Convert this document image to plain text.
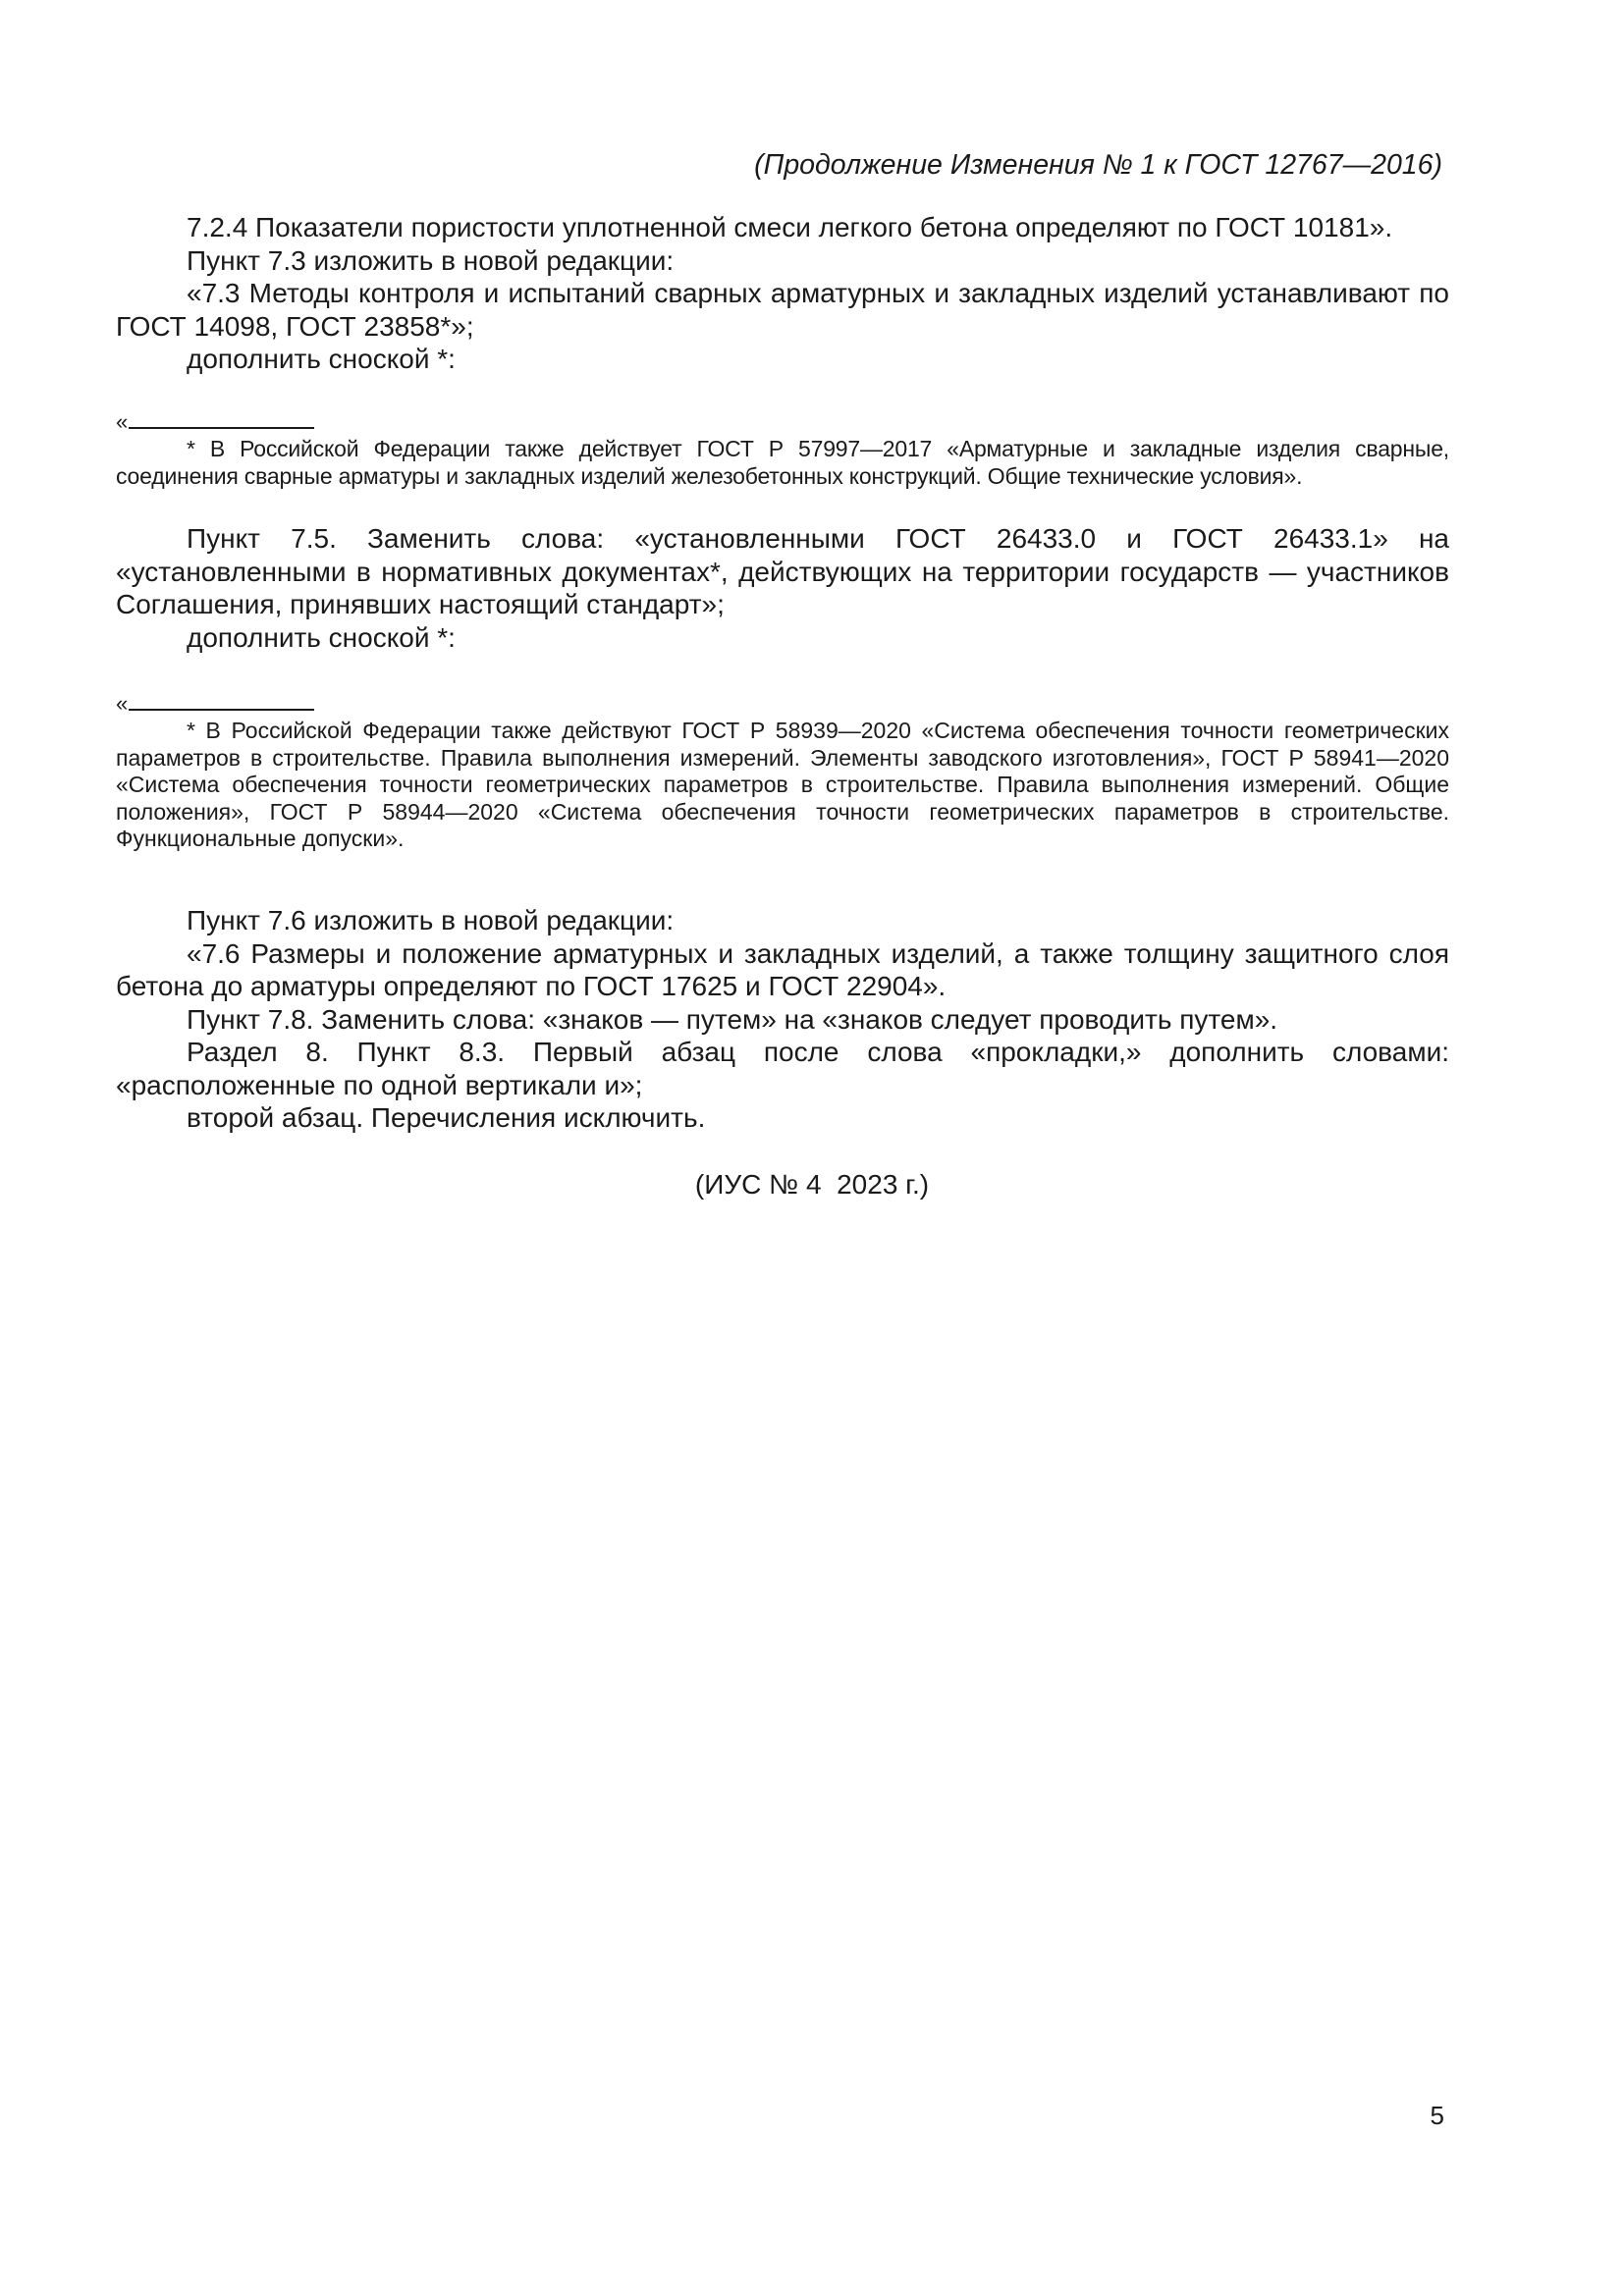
(Продолжение Изменения № 1 к ГОСТ 12767—2016)

7.2.4 Показатели пористости уплотненной смеси легкого бетона определяют по ГОСТ 10181».

Пункт 7.3 изложить в новой редакции:

«7.3 Методы контроля и испытаний сварных арматурных и закладных изделий устанавливают по ГОСТ 14098, ГОСТ 23858*»;

дополнить сноской *:

«

* В Российской Федерации также действует ГОСТ Р 57997—2017 «Арматурные и закладные изделия сварные, соединения сварные арматуры и закладных изделий железобетонных конструкций. Общие технические условия».

Пункт 7.5. Заменить слова: «установленными ГОСТ 26433.0 и ГОСТ 26433.1» на «установленными в нормативных документах*, действующих на территории государств — участников Соглашения, принявших настоящий стандарт»;

дополнить сноской *:

«

* В Российской Федерации также действуют ГОСТ Р 58939—2020 «Система обеспечения точности геометрических параметров в строительстве. Правила выполнения измерений. Элементы заводского изготовления», ГОСТ Р 58941—2020 «Система обеспечения точности геометрических параметров в строительстве. Правила выполнения измерений. Общие положения», ГОСТ Р 58944—2020 «Система обеспечения точности геометрических параметров в строительстве. Функциональные допуски».

Пункт 7.6 изложить в новой редакции:

«7.6 Размеры и положение арматурных и закладных изделий, а также толщину защитного слоя бетона до арматуры определяют по ГОСТ 17625 и ГОСТ 22904».

Пункт 7.8. Заменить слова: «знаков — путем» на «знаков следует проводить путем».

Раздел 8. Пункт 8.3. Первый абзац после слова «прокладки,» дополнить словами: «расположенные по одной вертикали и»;

второй абзац. Перечисления исключить.

(ИУС № 4  2023 г.)
5
